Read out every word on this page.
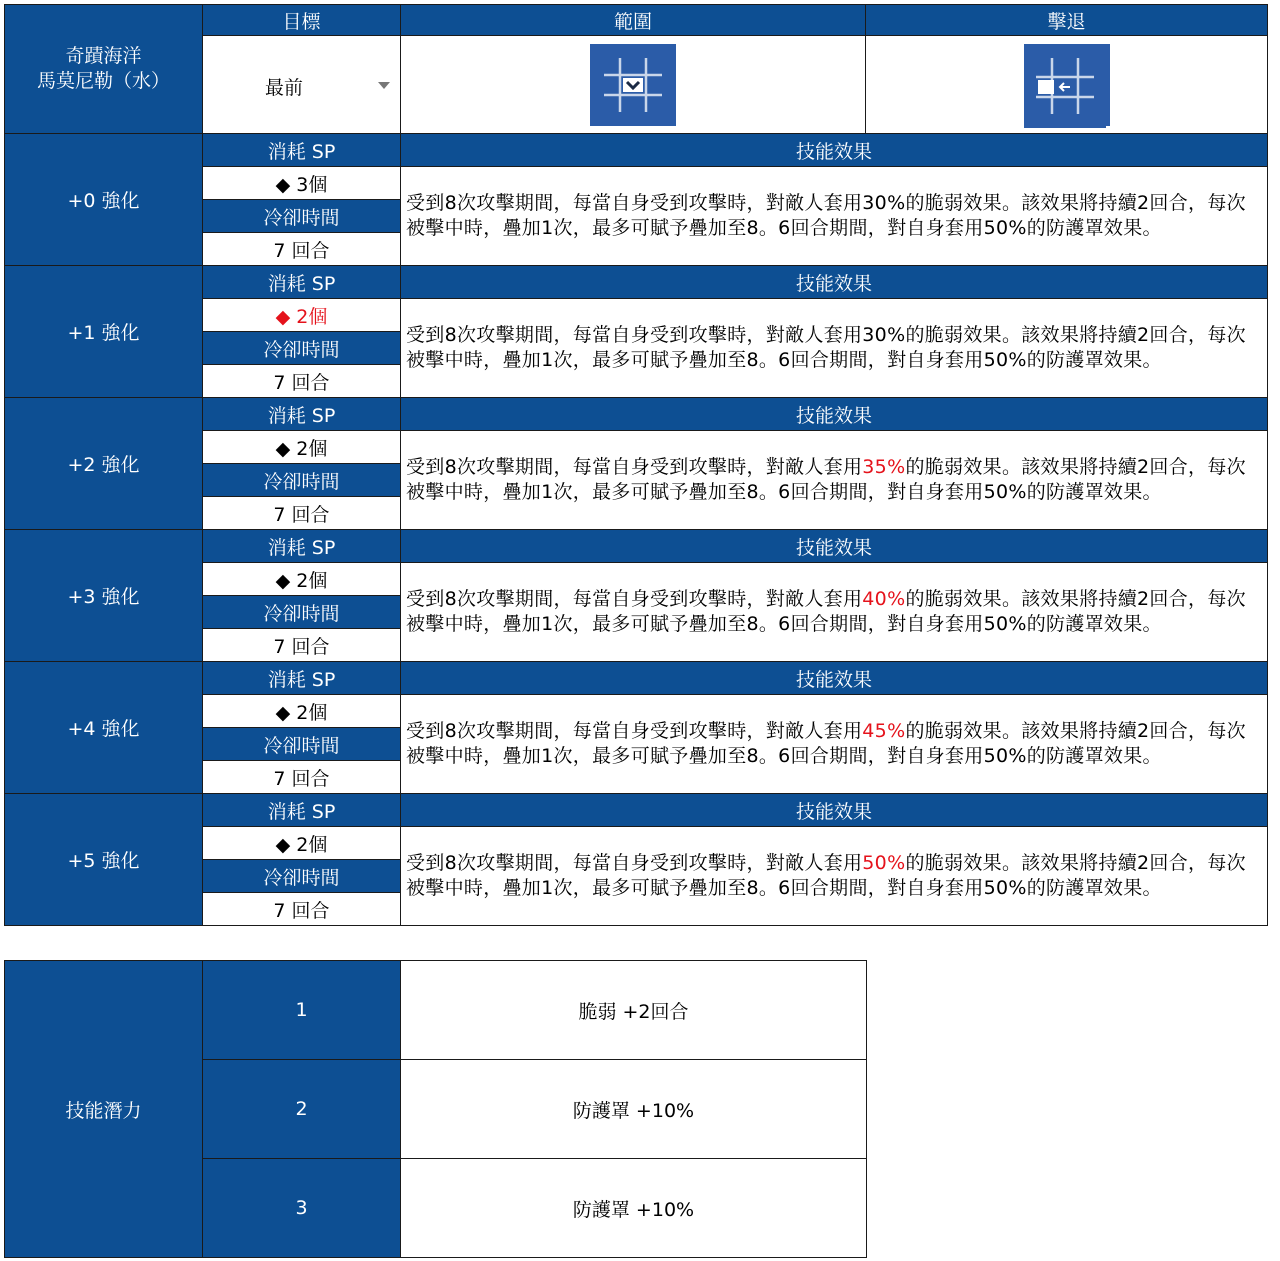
奇蹟海洋
馬莫尼勒（水）	目標	範圍	擊退

	最前

+0 強化	消耗 SP	技能效果	
	◆ 3個	受到8次攻擊期間，每當自身受到攻擊時，對敵人套用30%的脆弱效果。該效果將持續2回合，每次被擊中時，疊加1次，最多可賦予疊加至8。6回合期間，對自身套用50%的防護罩效果。	
	冷卻時間		
	7 回合		
+1 強化	消耗 SP	技能效果	
	◆ 2個	受到8次攻擊期間，每當自身受到攻擊時，對敵人套用30%的脆弱效果。該效果將持續2回合，每次被擊中時，疊加1次，最多可賦予疊加至8。6回合期間，對自身套用50%的防護罩效果。	
	冷卻時間		
	7 回合		
+2 強化	消耗 SP	技能效果	
	◆ 2個	受到8次攻擊期間，每當自身受到攻擊時，對敵人套用35%的脆弱效果。該效果將持續2回合，每次被擊中時，疊加1次，最多可賦予疊加至8。6回合期間，對自身套用50%的防護罩效果。	
	冷卻時間		
	7 回合		
+3 強化	消耗 SP	技能效果	
	◆ 2個	受到8次攻擊期間，每當自身受到攻擊時，對敵人套用40%的脆弱效果。該效果將持續2回合，每次被擊中時，疊加1次，最多可賦予疊加至8。6回合期間，對自身套用50%的防護罩效果。	
	冷卻時間		
	7 回合		
+4 強化	消耗 SP	技能效果	
	◆ 2個	受到8次攻擊期間，每當自身受到攻擊時，對敵人套用45%的脆弱效果。該效果將持續2回合，每次被擊中時，疊加1次，最多可賦予疊加至8。6回合期間，對自身套用50%的防護罩效果。	
	冷卻時間		
	7 回合		
+5 強化	消耗 SP	技能效果	
	◆ 2個	受到8次攻擊期間，每當自身受到攻擊時，對敵人套用50%的脆弱效果。該效果將持續2回合，每次被擊中時，疊加1次，最多可賦予疊加至8。6回合期間，對自身套用50%的防護罩效果。	
	冷卻時間		
	7 回合		
技能潛力	1	脆弱 +2回合
	2	防護罩 +10%
	3	防護罩 +10%
